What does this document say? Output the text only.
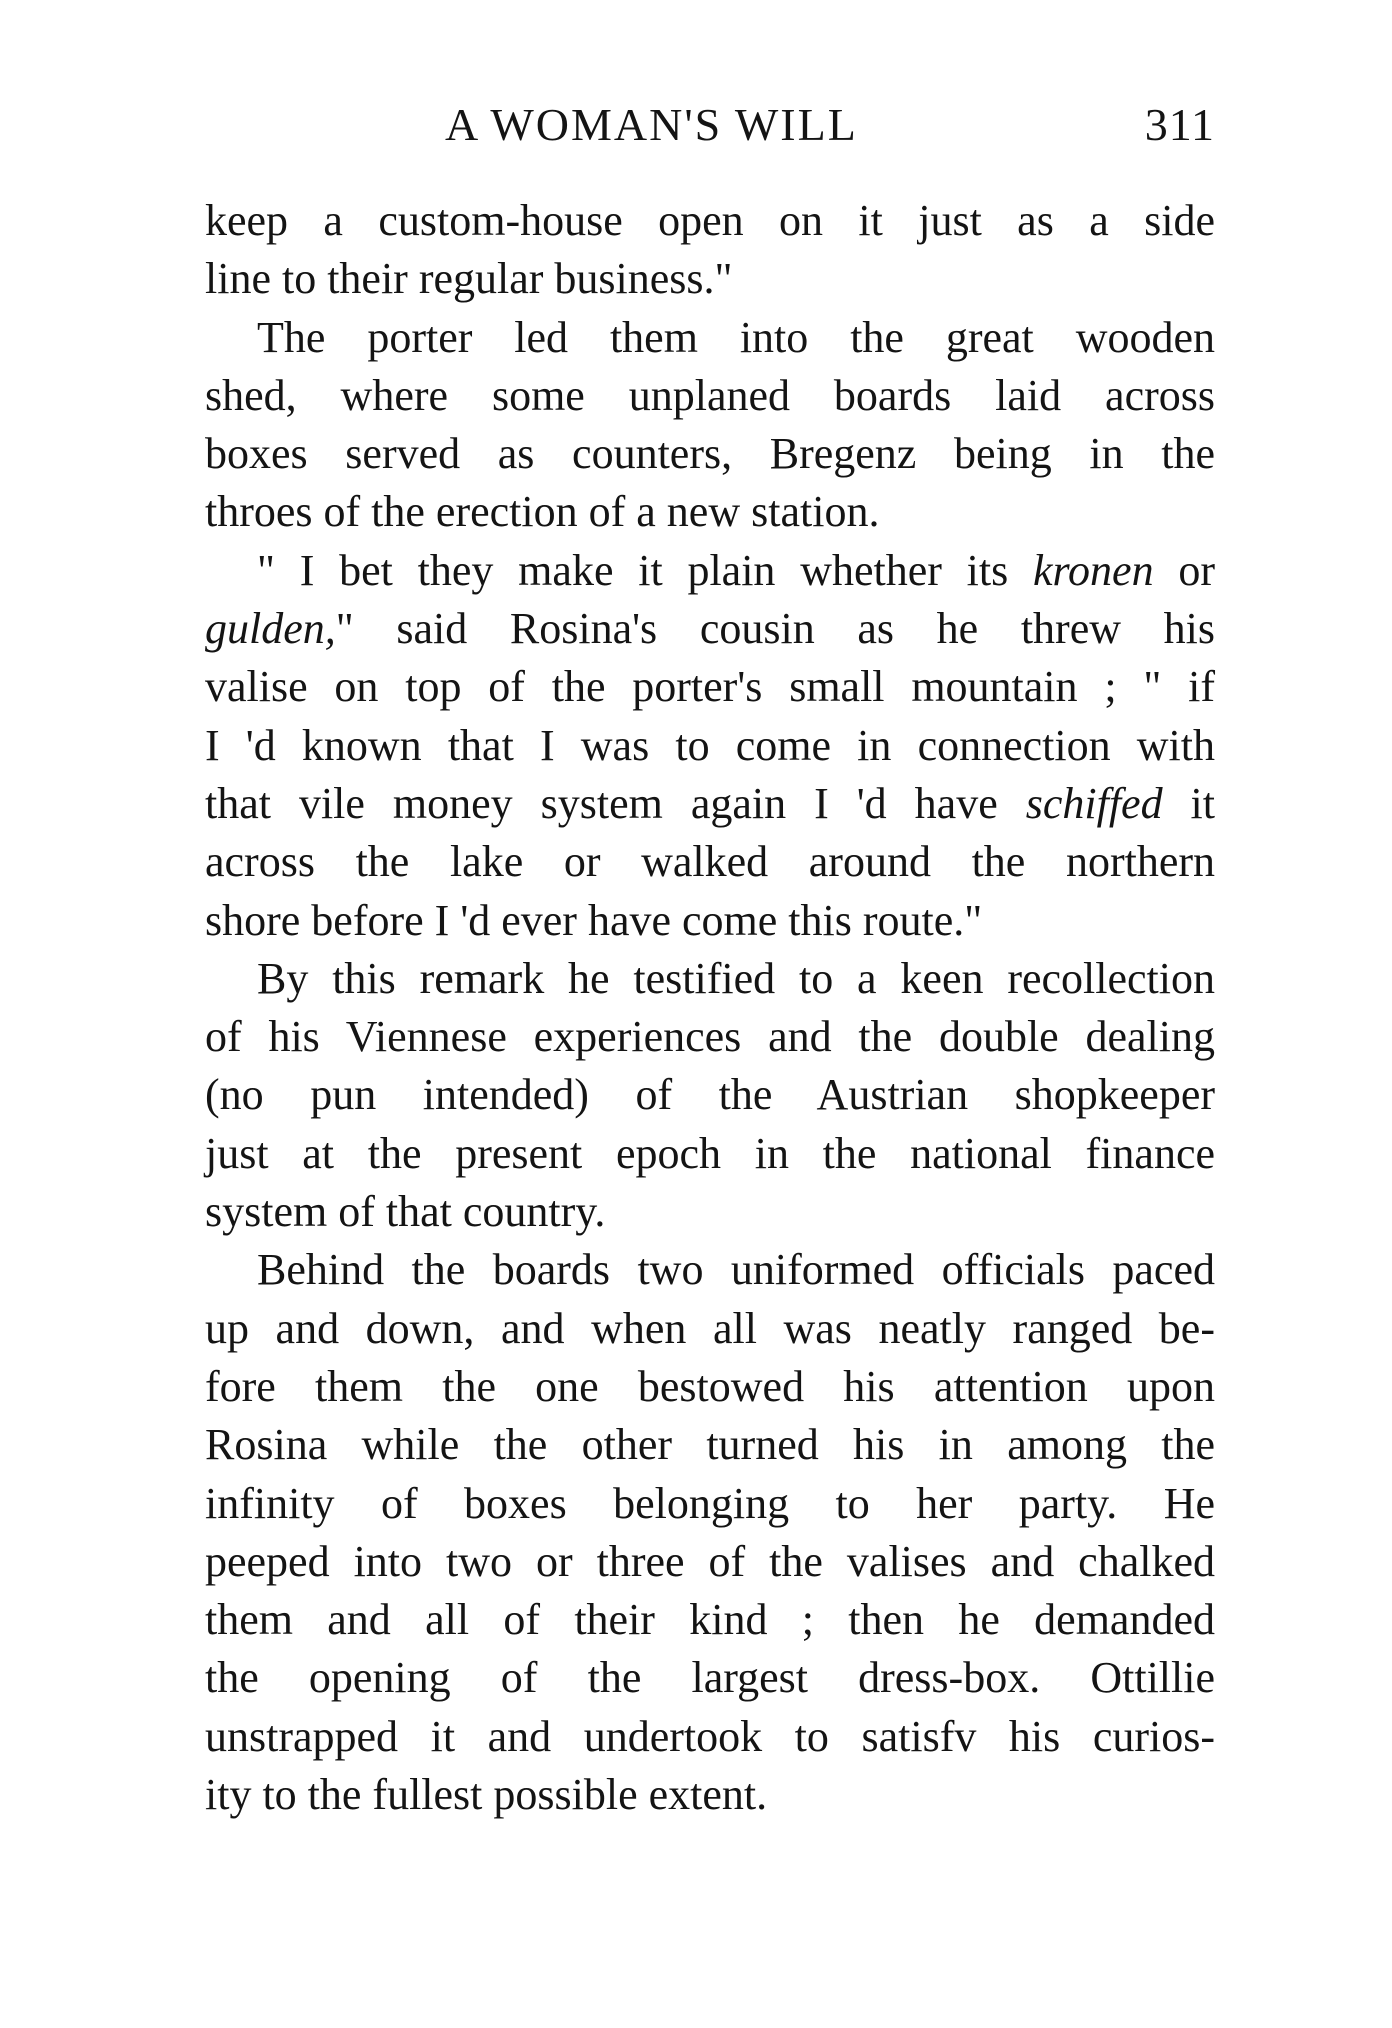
A WOMAN'S WILL	311
keep a custom-house open on it just as a side
line to their regular business."
The porter led them into the great wooden
shed, where some unplaned boards laid across
boxes served as counters, Bregenz being in the
throes of the erection of a new station.
" I bet they make it plain whether its kronen or
gulden," said Rosina's cousin as he threw his
valise on top of the porter's small mountain ; " if
I 'd known that I was to come in connection with
that vile money system again I 'd have schiffed it
across the lake or walked around the northern
shore before I 'd ever have come this route."
By this remark he testified to a keen recollection
of his Viennese experiences and the double dealing
(no pun intended) of the Austrian shopkeeper
just at the present epoch in the national finance
system of that country.
Behind the boards two uniformed officials paced
up and down, and when all was neatly ranged be-
fore them the one bestowed his attention upon
Rosina while the other turned his in among the
infinity of boxes belonging to her party. He
peeped into two or three of the valises and chalked
them and all of their kind ; then he demanded
the opening of the largest dress-box. Ottillie
unstrapped it and undertook to satisfv his curios-
ity to the fullest possible extent.
